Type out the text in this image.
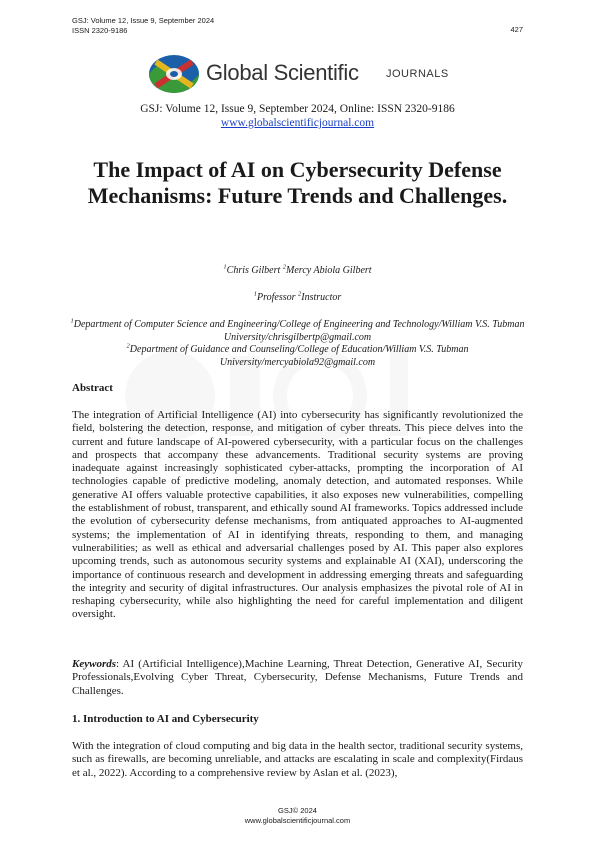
GSJ: Volume 12, Issue 9, September 2024
ISSN 2320-9186	427
Global Scientific JOURNALS
GSJ: Volume 12, Issue 9, September 2024, Online: ISSN 2320-9186
www.globalscientificjournal.com
The Impact of AI on Cybersecurity Defense Mechanisms: Future Trends and Challenges.
$^1$Chris Gilbert $^2$Mercy Abiola Gilbert
$^1$Professor $^2$Instructor
$^1$Department of Computer Science and Engineering/College of Engineering and Technology/William V.S. Tubman University/chrisgilbertp@gmail.com
$^2$Department of Guidance and Counseling/College of Education/William V.S. Tubman University/mercyabiola92@gmail.com
Abstract

The integration of Artificial Intelligence (AI) into cybersecurity has significantly revolutionized the field, bolstering the detection, response, and mitigation of cyber threats. This piece delves into the current and future landscape of AI-powered cybersecurity, with a particular focus on the challenges and prospects that accompany these advancements. Traditional security systems are proving inadequate against increasingly sophisticated cyber-attacks, prompting the incorporation of AI technologies capable of predictive modeling, anomaly detection, and automated responses. While generative AI offers valuable protective capabilities, it also exposes new vulnerabilities, compelling the establishment of robust, transparent, and ethically sound AI frameworks. Topics addressed include the evolution of cybersecurity defense mechanisms, from antiquated approaches to AI-augmented systems; the implementation of AI in identifying threats, responding to them, and managing vulnerabilities; as well as ethical and adversarial challenges posed by AI. This paper also explores upcoming trends, such as autonomous security systems and explainable AI (XAI), underscoring the importance of continuous research and development in addressing emerging threats and safeguarding the integrity and security of digital infrastructures. Our analysis emphasizes the pivotal role of AI in reshaping cybersecurity, while also highlighting the need for careful implementation and diligent oversight.

Keywords: AI (Artificial Intelligence),Machine Learning, Threat Detection, Generative AI, Security Professionals,Evolving Cyber Threat, Cybersecurity, Defense Mechanisms, Future Trends and Challenges.

1. Introduction to AI and Cybersecurity

With the integration of cloud computing and big data in the health sector, traditional security systems, such as firewalls, are becoming unreliable, and attacks are escalating in scale and complexity(Firdaus et al., 2022). According to a comprehensive review by Aslan et al. (2023),

GSJ© 2024
www.globalscientificjournal.com
